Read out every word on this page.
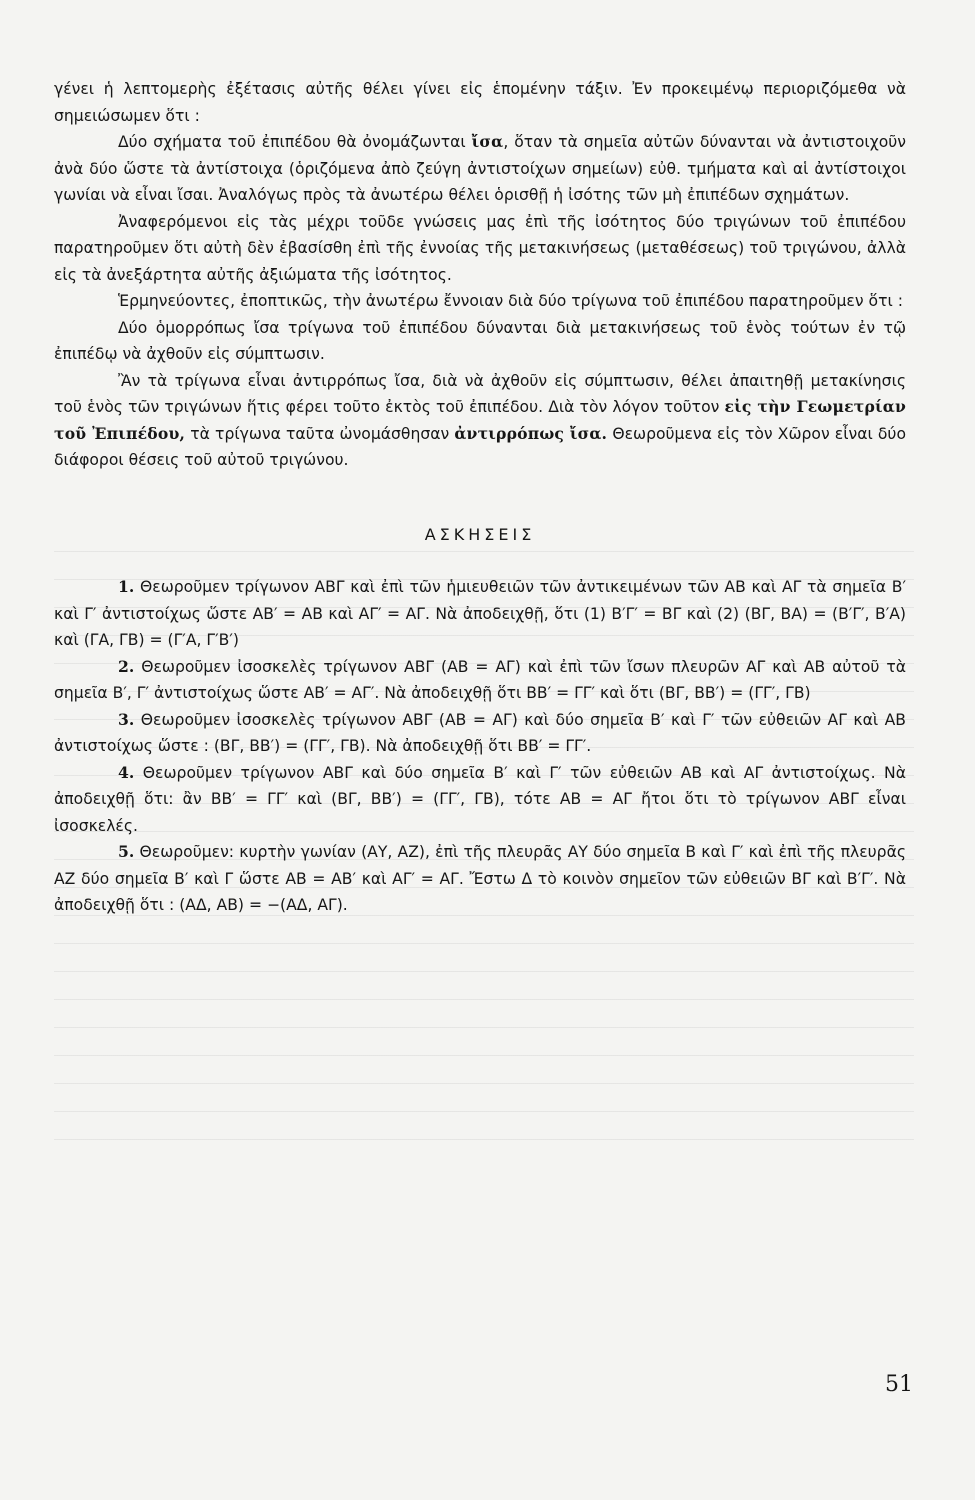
γένει ἡ λεπτομερὴς ἐξέτασις αὐτῆς θέλει γίνει εἰς ἑπομένην τάξιν. Ἐν προκειμένῳ περιοριζόμεθα νὰ σημειώσωμεν ὅτι :

Δύο σχήματα τοῦ ἐπιπέδου θὰ ὀνομάζωνται ἴσα, ὅταν τὰ σημεῖα αὐτῶν δύνανται νὰ ἀντιστοιχοῦν ἀνὰ δύο ὥστε τὰ ἀντίστοιχα (ὁριζόμενα ἀπὸ ζεύγη ἀντιστοίχων σημείων) εὐθ. τμήματα καὶ αἱ ἀντίστοιχοι γωνίαι νὰ εἶναι ἴσαι. Ἀναλόγως πρὸς τὰ ἀνωτέρω θέλει ὁρισθῇ ἡ ἰσότης τῶν μὴ ἐπιπέδων σχημάτων.

Ἀναφερόμενοι εἰς τὰς μέχρι τοῦδε γνώσεις μας ἐπὶ τῆς ἰσότητος δύο τριγώνων τοῦ ἐπιπέδου παρατηροῦμεν ὅτι αὐτὴ δὲν ἐβασίσθη ἐπὶ τῆς ἐννοίας τῆς μετακινήσεως (μεταθέσεως) τοῦ τριγώνου, ἀλλὰ εἰς τὰ ἀνεξάρτητα αὐτῆς ἀξιώματα τῆς ἰσότητος.

Ἑρμηνεύοντες, ἐποπτικῶς, τὴν ἀνωτέρω ἔννοιαν διὰ δύο τρίγωνα τοῦ ἐπιπέδου παρατηροῦμεν ὅτι :

Δύο ὁμορρόπως ἴσα τρίγωνα τοῦ ἐπιπέδου δύνανται διὰ μετακινήσεως τοῦ ἑνὸς τούτων ἐν τῷ ἐπιπέδῳ νὰ ἀχθοῦν εἰς σύμπτωσιν.

Ἂν τὰ τρίγωνα εἶναι ἀντιρρόπως ἴσα, διὰ νὰ ἀχθοῦν εἰς σύμπτωσιν, θέλει ἀπαιτηθῇ μετακίνησις τοῦ ἑνὸς τῶν τριγώνων ἥτις φέρει τοῦτο ἐκτὸς τοῦ ἐπιπέδου. Διὰ τὸν λόγον τοῦτον εἰς τὴν Γεωμετρίαν τοῦ Ἐπιπέδου, τὰ τρίγωνα ταῦτα ὠνομάσθησαν ἀντιρρόπως ἴσα. Θεωροῦμενα εἰς τὸν Χῶρον εἶναι δύο διάφοροι θέσεις τοῦ αὐτοῦ τριγώνου.

ΑΣΚΗΣΕΙΣ

1. Θεωροῦμεν τρίγωνον ΑΒΓ καὶ ἐπὶ τῶν ἡμιευθειῶν τῶν ἀντικειμένων τῶν ΑΒ καὶ ΑΓ τὰ σημεῖα Β′ καὶ Γ′ ἀντιστοίχως ὥστε ΑΒ′ = ΑΒ καὶ ΑΓ′ = ΑΓ. Νὰ ἀποδειχθῇ, ὅτι (1) Β′Γ′ = ΒΓ καὶ (2) (ΒΓ, ΒΑ) = (Β′Γ′, Β′Α) καὶ (ΓΑ, ΓΒ) = (Γ′Α, Γ′Β′)

2. Θεωροῦμεν ἰσοσκελὲς τρίγωνον ΑΒΓ (ΑΒ = ΑΓ) καὶ ἐπὶ τῶν ἴσων πλευρῶν ΑΓ καὶ ΑΒ αὐτοῦ τὰ σημεῖα Β′, Γ′ ἀντιστοίχως ὥστε ΑΒ′ = ΑΓ′. Νὰ ἀποδειχθῇ ὅτι ΒΒ′ = ΓΓ′ καὶ ὅτι (ΒΓ, ΒΒ′) = (ΓΓ′, ΓΒ)

3. Θεωροῦμεν ἰσοσκελὲς τρίγωνον ΑΒΓ (ΑΒ = ΑΓ) καὶ δύο σημεῖα Β′ καὶ Γ′ τῶν εὐθειῶν ΑΓ καὶ ΑΒ ἀντιστοίχως ὥστε : (ΒΓ, ΒΒ′) = (ΓΓ′, ΓΒ). Νὰ ἀποδειχθῇ ὅτι ΒΒ′ = ΓΓ′.

4. Θεωροῦμεν τρίγωνον ΑΒΓ καὶ δύο σημεῖα Β′ καὶ Γ′ τῶν εὐθειῶν ΑΒ καὶ ΑΓ ἀντιστοίχως. Νὰ ἀποδειχθῇ ὅτι: ἂν ΒΒ′ = ΓΓ′ καὶ (ΒΓ, ΒΒ′) = (ΓΓ′, ΓΒ), τότε ΑΒ = ΑΓ ἤτοι ὅτι τὸ τρίγωνον ΑΒΓ εἶναι ἰσοσκελές.

5. Θεωροῦμεν: κυρτὴν γωνίαν (ΑΥ, ΑΖ), ἐπὶ τῆς πλευρᾶς ΑΥ δύο σημεῖα Β καὶ Γ′ καὶ ἐπὶ τῆς πλευρᾶς ΑΖ δύο σημεῖα Β′ καὶ Γ ὥστε ΑΒ = ΑΒ′ καὶ ΑΓ′ = ΑΓ. Ἔστω Δ τὸ κοινὸν σημεῖον τῶν εὐθειῶν ΒΓ καὶ Β′Γ′. Νὰ ἀποδειχθῇ ὅτι : (ΑΔ, ΑΒ) = −(ΑΔ, ΑΓ).

51
